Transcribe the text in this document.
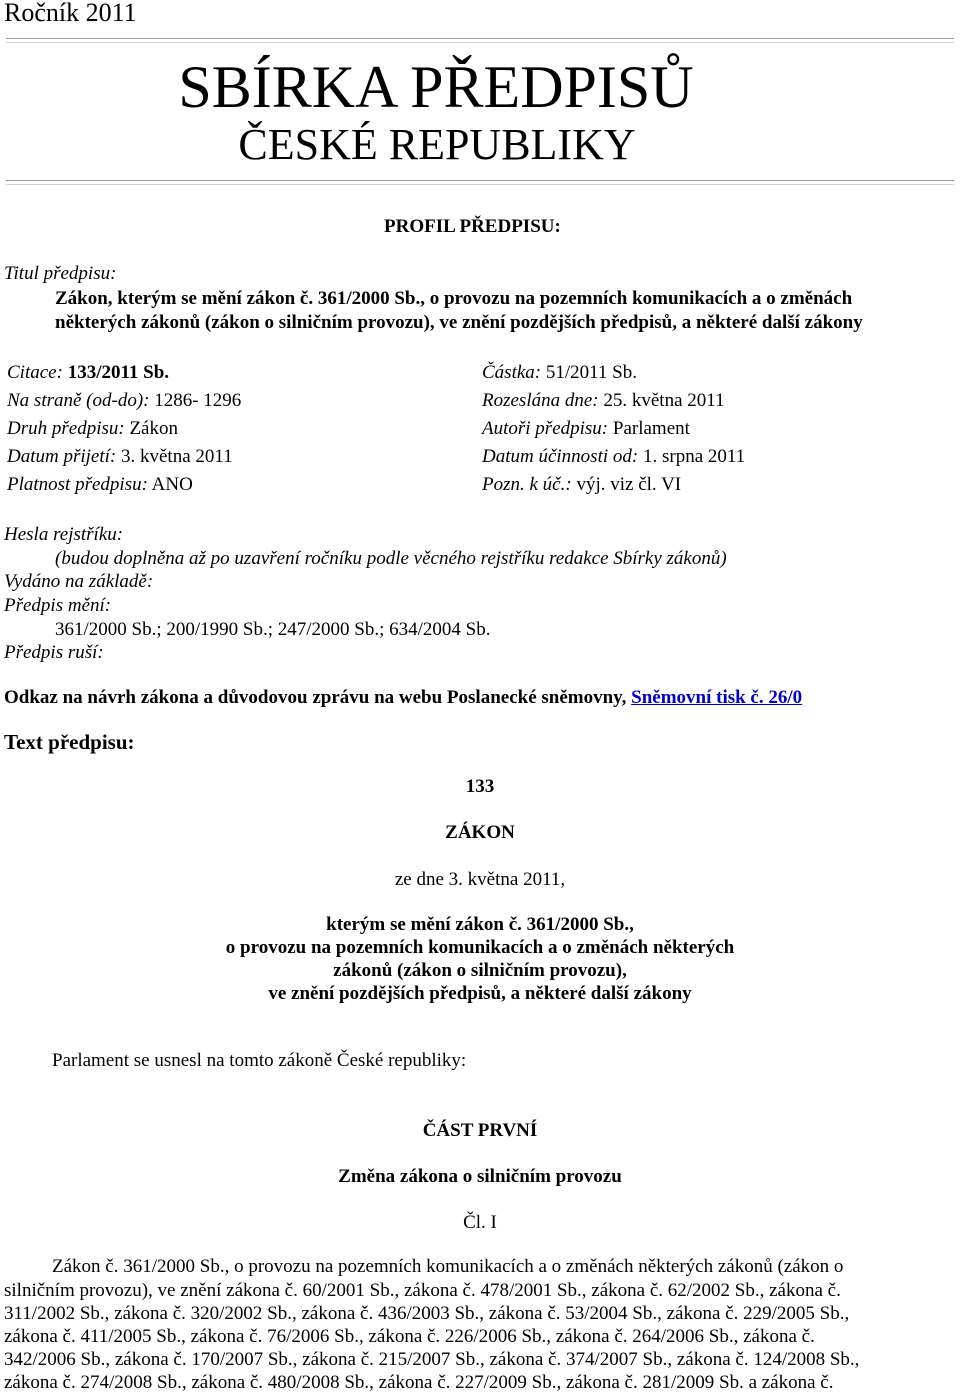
Ročník 2011
SBÍRKA PŘEDPISŮ
ČESKÉ REPUBLIKY
PROFIL PŘEDPISU:
Titul předpisu:
Zákon, kterým se mění zákon č. 361/2000 Sb., o provozu na pozemních komunikacích a o změnách
některých zákonů (zákon o silničním provozu), ve znění pozdějších předpisů, a některé další zákony
Citace: 133/2011 Sb.
Na straně (od-do): 1286- 1296
Druh předpisu: Zákon
Datum přijetí: 3. května 2011
Platnost předpisu: ANO
Částka: 51/2011 Sb.
Rozeslána dne: 25. května 2011
Autoři předpisu: Parlament
Datum účinnosti od: 1. srpna 2011
Pozn. k úč.: výj. viz čl. VI
Hesla rejstříku:
(budou doplněna až po uzavření ročníku podle věcného rejstříku redakce Sbírky zákonů)
Vydáno na základě:
Předpis mění:
361/2000 Sb.; 200/1990 Sb.; 247/2000 Sb.; 634/2004 Sb.
Předpis ruší:
Odkaz na návrh zákona a důvodovou zprávu na webu Poslanecké sněmovny, Sněmovní tisk č. 26/0
Text předpisu:
133
ZÁKON
ze dne 3. května 2011,
kterým se mění zákon č. 361/2000 Sb.,
o provozu na pozemních komunikacích a o změnách některých
zákonů (zákon o silničním provozu),
ve znění pozdějších předpisů, a některé další zákony
Parlament se usnesl na tomto zákoně České republiky:
ČÁST PRVNÍ
Změna zákona o silničním provozu
Čl. I
Zákon č. 361/2000 Sb., o provozu na pozemních komunikacích a o změnách některých zákonů (zákon o
silničním provozu), ve znění zákona č. 60/2001 Sb., zákona č. 478/2001 Sb., zákona č. 62/2002 Sb., zákona č.
311/2002 Sb., zákona č. 320/2002 Sb., zákona č. 436/2003 Sb., zákona č. 53/2004 Sb., zákona č. 229/2005 Sb.,
zákona č. 411/2005 Sb., zákona č. 76/2006 Sb., zákona č. 226/2006 Sb., zákona č. 264/2006 Sb., zákona č.
342/2006 Sb., zákona č. 170/2007 Sb., zákona č. 215/2007 Sb., zákona č. 374/2007 Sb., zákona č. 124/2008 Sb.,
zákona č. 274/2008 Sb., zákona č. 480/2008 Sb., zákona č. 227/2009 Sb., zákona č. 281/2009 Sb. a zákona č.
